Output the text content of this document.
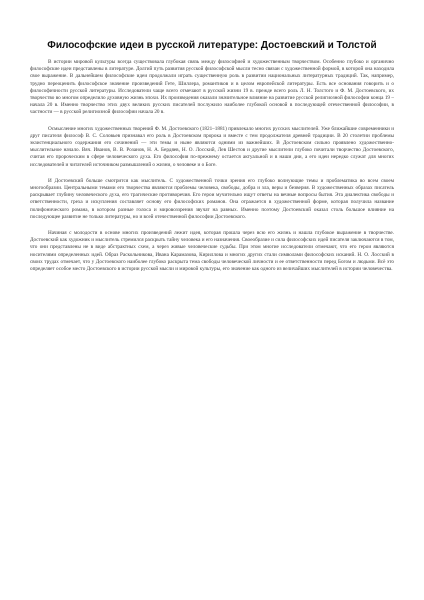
Философские идеи в русской литературе: Достоевский и Толстой

В истории мировой культуры всегда существовала глубокая связь между философией и художественным творчеством. Особенно глубоко и органично философские идеи представлены в литературе. Долгий путь развития русской философской мысли тесно связан с художественной формой, в которой она находила свое выражение. В дальнейшем философские идеи продолжали играть существенную роль в развитии национальных литературных традиций. Так, например, трудно переоценить философское значение произведений Гете, Шиллера, романтиков и в целом европейской литературы. Есть все основания говорить и о философичности русской литературы. Исследователи чаще всего отмечают в русской жизни 19 в. прежде всего роль Л. Н. Толстого и Ф. М. Достоевского, их творчество во многом определило духовную жизнь эпохи. Их произведения оказали значительное влияние на развитие русской религиозной философии конца 19 – начала 20 в. Именно творчество этих двух великих русских писателей послужило наиболее глубокой основой в последующей отечественной философии, в частности — в русской религиозной философии начала 20 в.

Осмысление многих художественных творений Ф. М. Достоевского (1821–1881) привлекало многих русских мыслителей. Уже ближайшие современники и друг писателя философ В. С. Соловьев признавал его роль в Достоевском пророка и вместе с тем продолжателя древней традиции. В 20 столетии проблемы экзистенциального содержания его сочинений — эти темы и ныне являются одними из важнейших. В Достоевском сильно проявлено художественно-мыслительное начало. Вяч. Иванов, В. В. Розанов, Н. А. Бердяев, Н. О. Лосский, Лев Шестов и другие мыслители глубоко почитали творчество Достоевского, считая его пророческим в сфере человеческого духа. Его философия по-прежнему остается актуальной и в наши дни, а его идеи нередко служат для многих исследователей и читателей источником размышлений о жизни, о человеке и о Боге.

И Достоевский больше смотрится как мыслитель. С художественной точки зрения его глубоко волнующие темы и проблематика во всем своем многообразии. Центральными темами его творчества являются проблемы человека, свободы, добра и зла, веры и безверия. В художественных образах писатель раскрывает глубину человеческого духа, его трагические противоречия. Его герои мучительно ищут ответы на вечные вопросы бытия. Эта диалектика свободы и ответственности, греха и искупления составляет основу его философских романов. Она отражается в художественной форме, которая получила название полифонического романа, в котором разные голоса и мировоззрения звучат на равных. Именно поэтому Достоевский оказал столь большое влияние на последующее развитие не только литературы, но и всей отечественной философии Достоевского.

Начиная с молодости в основе многих произведений лежит идея, которая прошла через всю его жизнь и нашла глубокое выражение в творчестве. Достоевский как художник и мыслитель стремился раскрыть тайну человека и его назначения. Своеобразие и сила философских идей писателя заключаются в том, что они представлены не в виде абстрактных схем, а через живые человеческие судьбы. При этом многие исследователи отмечают, что его герои являются носителями определенных идей. Образ Раскольникова, Ивана Карамазова, Кириллова и многих других стали символами философских исканий. Н. О. Лосский в своих трудах отмечает, что у Достоевского наиболее глубоко раскрыта тема свободы человеческой личности и ее ответственности перед Богом и людьми. Всё это определяет особое место Достоевского в истории русской мысли и мировой культуры, его значение как одного из величайших мыслителей в истории человечества.
